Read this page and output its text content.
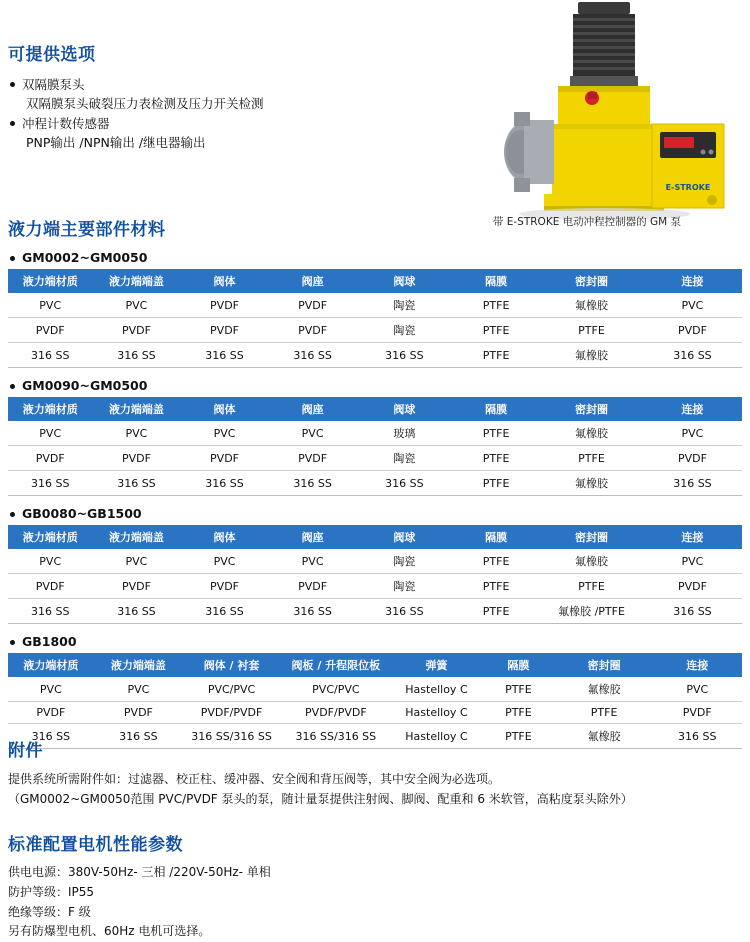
可提供选项
双隔膜泵头
双隔膜泵头破裂压力表检测及压力开关检测
冲程计数传感器
PNP输出 /NPN输出 /继电器输出
E-STROKE
带 E-STROKE 电动冲程控制器的 GM 泵
液力端主要部件材料
GM0002~GM0050
液力端材质	液力端端盖	阀体	阀座	阀球	隔膜	密封圈	连接
PVC	PVC	PVDF	PVDF	陶瓷	PTFE	氟橡胶	PVC
PVDF	PVDF	PVDF	PVDF	陶瓷	PTFE	PTFE	PVDF
316 SS	316 SS	316 SS	316 SS	316 SS	PTFE	氟橡胶	316 SS
GM0090~GM0500
液力端材质	液力端端盖	阀体	阀座	阀球	隔膜	密封圈	连接
PVC	PVC	PVC	PVC	玻璃	PTFE	氟橡胶	PVC
PVDF	PVDF	PVDF	PVDF	陶瓷	PTFE	PTFE	PVDF
316 SS	316 SS	316 SS	316 SS	316 SS	PTFE	氟橡胶	316 SS
GB0080~GB1500
液力端材质	液力端端盖	阀体	阀座	阀球	隔膜	密封圈	连接
PVC	PVC	PVC	PVC	陶瓷	PTFE	氟橡胶	PVC
PVDF	PVDF	PVDF	PVDF	陶瓷	PTFE	PTFE	PVDF
316 SS	316 SS	316 SS	316 SS	316 SS	PTFE	氟橡胶 /PTFE	316 SS
GB1800
液力端材质	液力端端盖	阀体 / 衬套	阀板 / 升程限位板	弹簧	隔膜	密封圈	连接
PVC	PVC	PVC/PVC	PVC/PVC	Hastelloy C	PTFE	氟橡胶	PVC
PVDF	PVDF	PVDF/PVDF	PVDF/PVDF	Hastelloy C	PTFE	PTFE	PVDF
316 SS	316 SS	316 SS/316 SS	316 SS/316 SS	Hastelloy C	PTFE	氟橡胶	316 SS
附件
提供系统所需附件如：过滤器、校正柱、缓冲器、安全阀和背压阀等，其中安全阀为必选项。
（GM0002~GM0050范围 PVC/PVDF 泵头的泵，随计量泵提供注射阀、脚阀、配重和 6 米软管，高粘度泵头除外）
标准配置电机性能参数
供电电源：380V-50Hz- 三相 /220V-50Hz- 单相
防护等级：IP55
绝缘等级：F 级
另有防爆型电机、60Hz 电机可选择。
